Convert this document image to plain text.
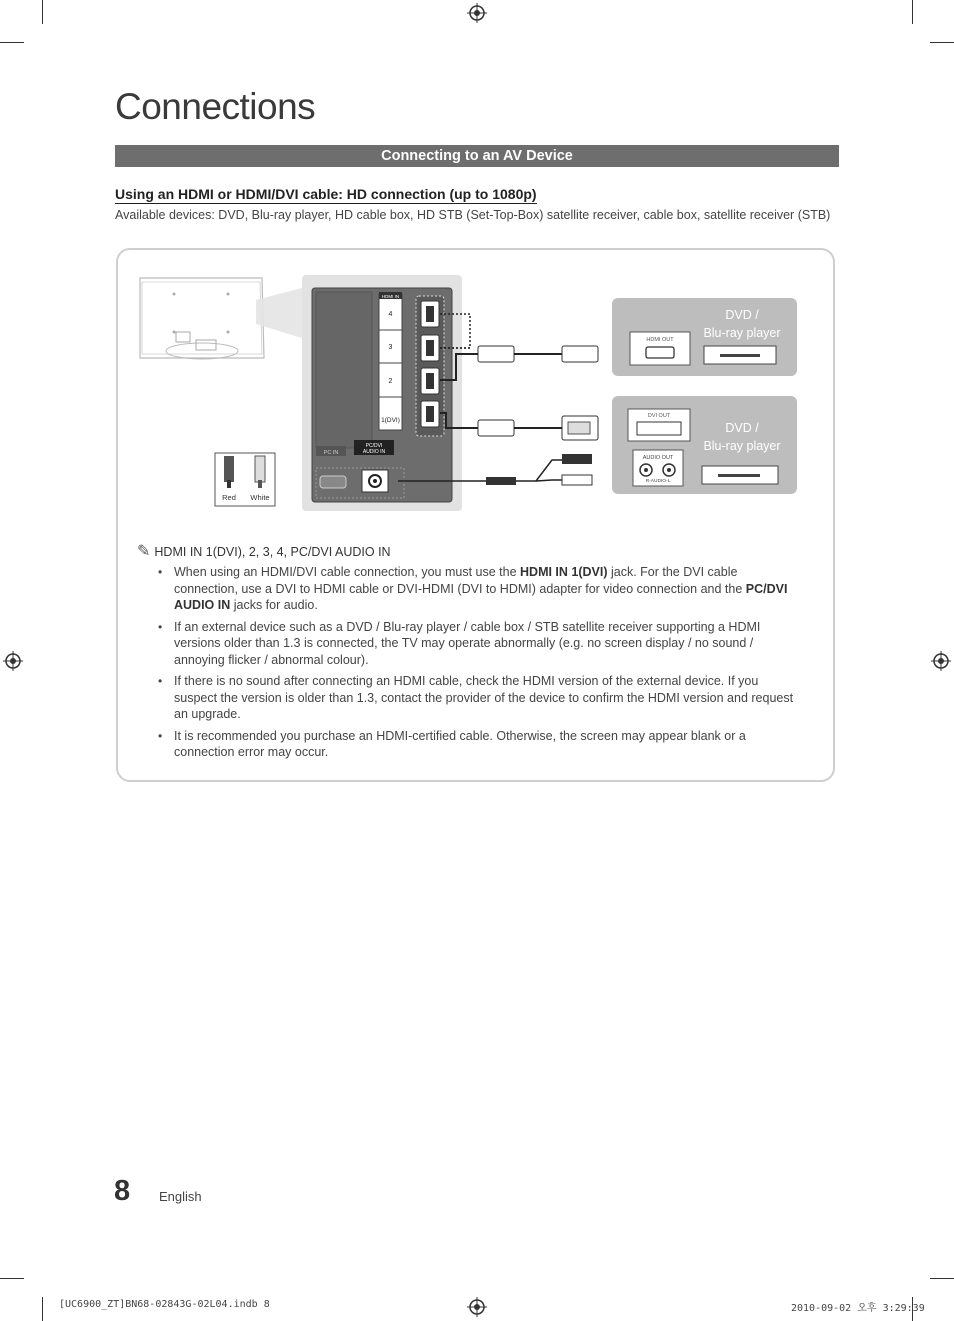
Connections
Connecting to an AV Device
Using an HDMI or HDMI/DVI cable: HD connection (up to 1080p)
Available devices: DVD, Blu-ray player, HD cable box, HD STB (Set-Top-Box) satellite receiver, cable box, satellite receiver (STB)
HDMI IN
4
3
2
1(DVI)
PC IN
PC/DVI
AUDIO IN
Red White
DVD /
Blu-ray player
HDMI OUT
DVD /
Blu-ray player
DVI OUT
AUDIO OUT
R-AUDIO-L
✎ HDMI IN 1(DVI), 2, 3, 4, PC/DVI AUDIO IN
• When using an HDMI/DVI cable connection, you must use the HDMI IN 1(DVI) jack. For the DVI cable connection, use a DVI to HDMI cable or DVI-HDMI (DVI to HDMI) adapter for video connection and the PC/DVI AUDIO IN jacks for audio.
• If an external device such as a DVD / Blu-ray player / cable box / STB satellite receiver supporting a HDMI versions older than 1.3 is connected, the TV may operate abnormally (e.g. no screen display / no sound / annoying flicker / abnormal colour).
• If there is no sound after connecting an HDMI cable, check the HDMI version of the external device. If you suspect the version is older than 1.3, contact the provider of the device to confirm the HDMI version and request an upgrade.
• It is recommended you purchase an HDMI-certified cable. Otherwise, the screen may appear blank or a connection error may occur.
8 English
[UC6900_ZT]BN68-02843G-02L04.indb 8	2010-09-02 오후 3:29:39
